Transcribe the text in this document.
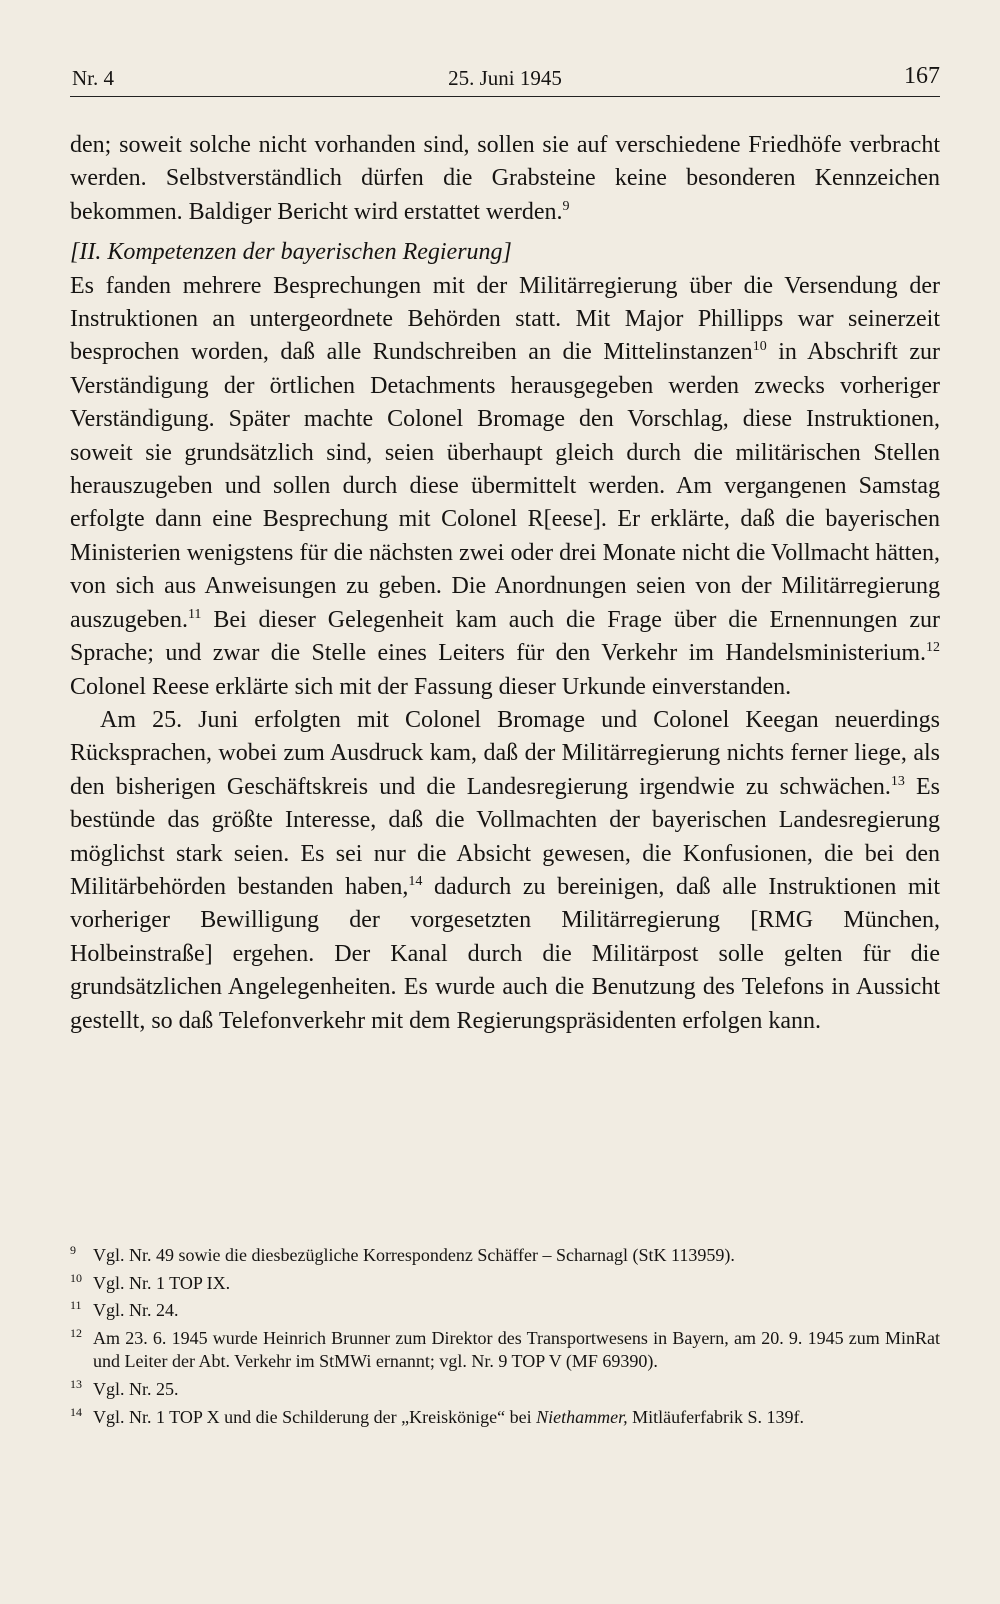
Nr. 4	25. Juni 1945	167

den; soweit solche nicht vorhanden sind, sollen sie auf verschiedene Friedhöfe verbracht werden. Selbstverständlich dürfen die Grabsteine keine besonderen Kennzeichen bekommen. Baldiger Bericht wird erstattet werden.$^9$

[II. Kompetenzen der bayerischen Regierung]

Es fanden mehrere Besprechungen mit der Militärregierung über die Versendung der Instruktionen an untergeordnete Behörden statt. Mit Major Phillipps war seinerzeit besprochen worden, daß alle Rundschreiben an die Mittelinstanzen$^{10}$ in Abschrift zur Verständigung der örtlichen Detachments herausgegeben werden zwecks vorheriger Verständigung. Später machte Colonel Bromage den Vorschlag, diese Instruktionen, soweit sie grundsätzlich sind, seien überhaupt gleich durch die militärischen Stellen herauszugeben und sollen durch diese übermittelt werden. Am vergangenen Samstag erfolgte dann eine Besprechung mit Colonel R[eese]. Er erklärte, daß die bayerischen Ministerien wenigstens für die nächsten zwei oder drei Monate nicht die Vollmacht hätten, von sich aus Anweisungen zu geben. Die Anordnungen seien von der Militärregierung auszugeben.$^{11}$ Bei dieser Gelegenheit kam auch die Frage über die Ernennungen zur Sprache; und zwar die Stelle eines Leiters für den Verkehr im Handelsministerium.$^{12}$ Colonel Reese erklärte sich mit der Fassung dieser Urkunde einverstanden.

Am 25. Juni erfolgten mit Colonel Bromage und Colonel Keegan neuerdings Rücksprachen, wobei zum Ausdruck kam, daß der Militärregierung nichts ferner liege, als den bisherigen Geschäftskreis und die Landesregierung irgendwie zu schwächen.$^{13}$ Es bestünde das größte Interesse, daß die Vollmachten der bayerischen Landesregierung möglichst stark seien. Es sei nur die Absicht gewesen, die Konfusionen, die bei den Militärbehörden bestanden haben,$^{14}$ dadurch zu bereinigen, daß alle Instruktionen mit vorheriger Bewilligung der vorgesetzten Militärregierung [RMG München, Holbeinstraße] ergehen. Der Kanal durch die Militärpost solle gelten für die grundsätzlichen Angelegenheiten. Es wurde auch die Benutzung des Telefons in Aussicht gestellt, so daß Telefonverkehr mit dem Regierungspräsidenten erfolgen kann.

9 Vgl. Nr. 49 sowie die diesbezügliche Korrespondenz Schäffer – Scharnagl (StK 113959).
10 Vgl. Nr. 1 TOP IX.
11 Vgl. Nr. 24.
12 Am 23. 6. 1945 wurde Heinrich Brunner zum Direktor des Transportwesens in Bayern, am 20. 9. 1945 zum MinRat und Leiter der Abt. Verkehr im StMWi ernannt; vgl. Nr. 9 TOP V (MF 69390).
13 Vgl. Nr. 25.
14 Vgl. Nr. 1 TOP X und die Schilderung der „Kreiskönige“ bei Niethammer, Mitläuferfabrik S. 139f.
